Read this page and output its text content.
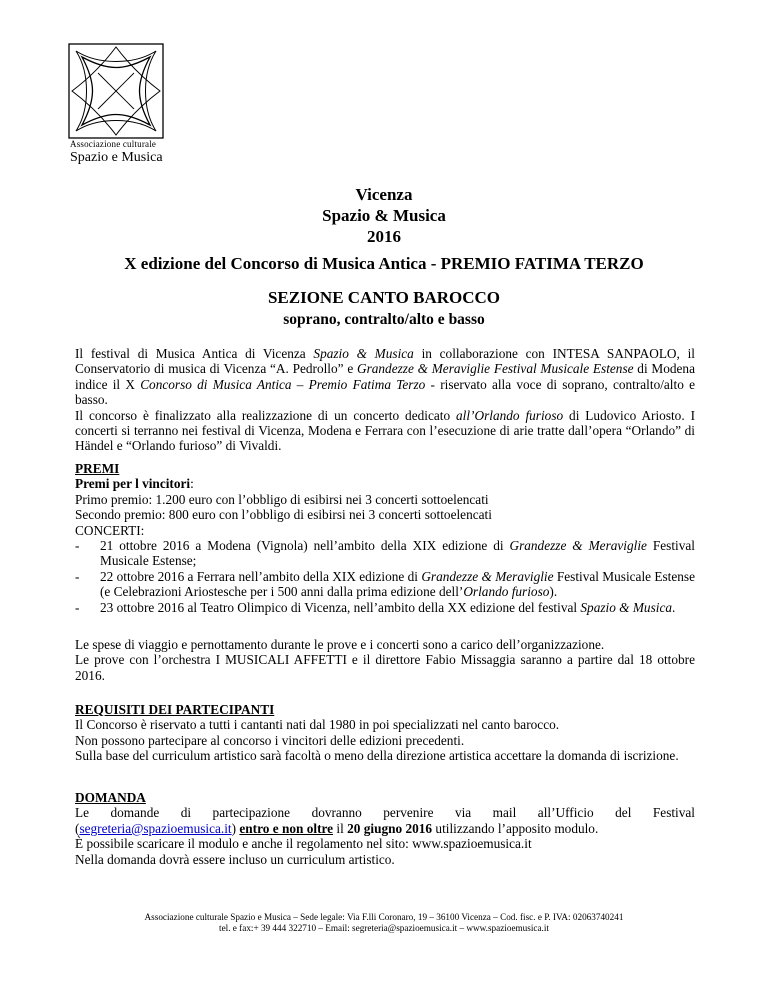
Associazione culturale
Spazio e Musica
Vicenza
Spazio & Musica
2016
X edizione del Concorso di Musica Antica - PREMIO FATIMA TERZO
SEZIONE CANTO BAROCCO
soprano, contralto/alto e basso

Il festival di Musica Antica di Vicenza Spazio & Musica in collaborazione con INTESA SANPAOLO, il Conservatorio di musica di Vicenza “A. Pedrollo” e Grandezze & Meraviglie Festival Musicale Estense di Modena indice il X Concorso di Musica Antica – Premio Fatima Terzo - riservato alla voce di soprano, contralto/alto e basso.

Il concorso è finalizzato alla realizzazione di un concerto dedicato all’Orlando furioso di Ludovico Ariosto. I concerti si terranno nei festival di Vicenza, Modena e Ferrara con l’esecuzione di arie tratte dall’opera “Orlando” di Händel e “Orlando furioso” di Vivaldi.

PREMI

Premi per l vincitori:

Primo premio: 1.200 euro con l’obbligo di esibirsi nei 3 concerti sottoelencati

Secondo premio: 800 euro con l’obbligo di esibirsi nei 3 concerti sottoelencati

CONCERTI:

- 21 ottobre 2016 a Modena (Vignola) nell’ambito della XIX edizione di Grandezze & Meraviglie Festival Musicale Estense;

- 22 ottobre 2016 a Ferrara nell’ambito della XIX edizione di Grandezze & Meraviglie Festival Musicale Estense (e Celebrazioni Ariostesche per i 500 anni dalla prima edizione dell’Orlando furioso).

- 23 ottobre 2016 al Teatro Olimpico di Vicenza, nell’ambito della XX edizione del festival Spazio & Musica.

Le spese di viaggio e pernottamento durante le prove e i concerti sono a carico dell’organizzazione.

Le prove con l’orchestra I MUSICALI AFFETTI e il direttore Fabio Missaggia saranno a partire dal 18 ottobre 2016.

REQUISITI DEI PARTECIPANTI

Il Concorso è riservato a tutti i cantanti nati dal 1980 in poi specializzati nel canto barocco.

Non possono partecipare al concorso i vincitori delle edizioni precedenti.

Sulla base del curriculum artistico sarà facoltà o meno della direzione artistica accettare la domanda di iscrizione.

DOMANDA

Le domande di partecipazione dovranno pervenire via mail all’Ufficio del Festival

(segreteria@spazioemusica.it) entro e non oltre il 20 giugno 2016 utilizzando l’apposito modulo.

È possibile scaricare il modulo e anche il regolamento nel sito: www.spazioemusica.it

Nella domanda dovrà essere incluso un curriculum artistico.

Associazione culturale Spazio e Musica – Sede legale: Via F.lli Coronaro, 19 – 36100 Vicenza – Cod. fisc. e P. IVA: 02063740241
tel. e fax:+ 39 444 322710 – Email: segreteria@spazioemusica.it – www.spazioemusica.it
